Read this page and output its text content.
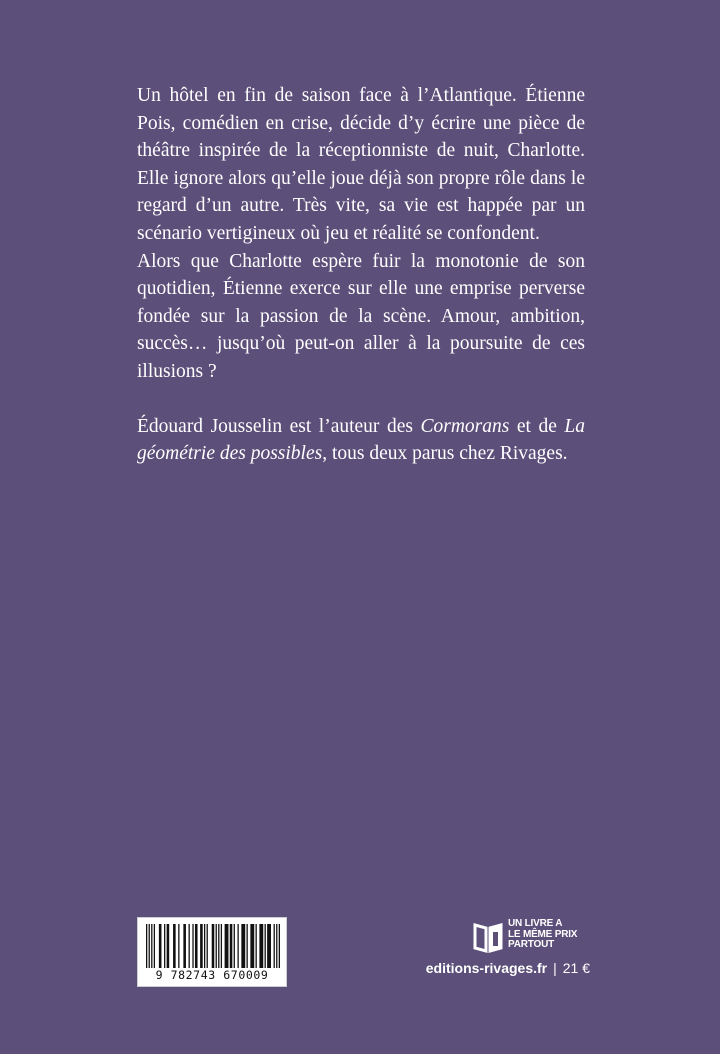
Un hôtel en fin de saison face à l’Atlantique. Étienne Pois, comédien en crise, décide d’y écrire une pièce de théâtre inspirée de la réceptionniste de nuit, Charlotte. Elle ignore alors qu’elle joue déjà son propre rôle dans le regard d’un autre. Très vite, sa vie est happée par un scénario vertigineux où jeu et réalité se confondent.

Alors que Charlotte espère fuir la monotonie de son quotidien, Étienne exerce sur elle une emprise perverse fondée sur la passion de la scène. Amour, ambition, succès… jusqu’où peut-on aller à la poursuite de ces illusions ?

Édouard Jousselin est l’auteur des Cormorans et de La géométrie des possibles, tous deux parus chez Rivages.

9 782743 670009
UN LIVRE A
LE MÊME PRIX
PARTOUT
editions-rivages.fr | 21 €
